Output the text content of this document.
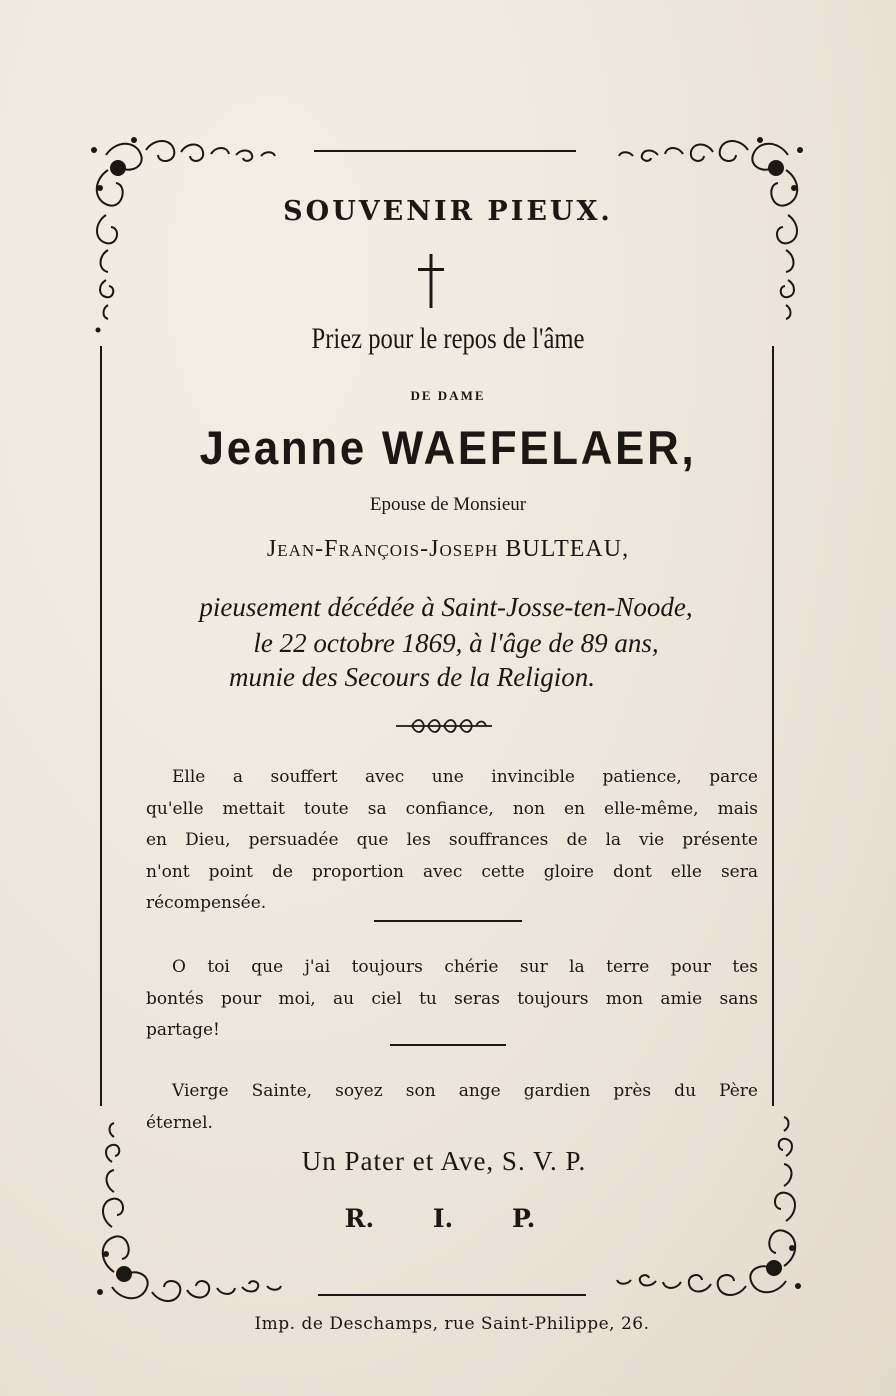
SOUVENIR PIEUX.
Priez pour le repos de l'âme
DE DAME
Jeanne WAEFELAER,
Epouse de Monsieur
Jean-François-Joseph BULTEAU,
pieusement décédée à Saint-Josse-ten-Noode,
le 22 octobre 1869, à l'âge de 89 ans,
munie des Secours de la Religion.
Elle a souffert avec une invincible patience, parce
qu'elle mettait toute sa confiance, non en elle-même, mais
en Dieu, persuadée que les souffrances de la vie présente
n'ont point de proportion avec cette gloire dont elle sera
récompensée.
O toi que j'ai toujours chérie sur la terre pour tes
bontés pour moi, au ciel tu seras toujours mon amie sans
partage!
Vierge Sainte, soyez son ange gardien près du Père
éternel.
Un Pater et Ave, S. V. P.
R. I. P.
Imp. de Deschamps, rue Saint-Philippe, 26.
